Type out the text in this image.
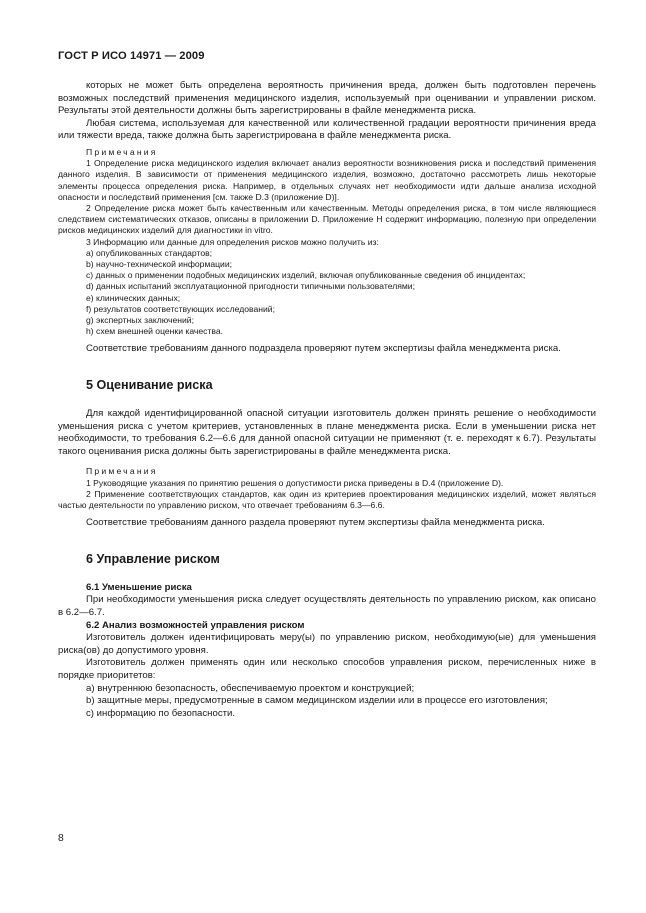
ГОСТ Р ИСО 14971 — 2009

которых не может быть определена вероятность причинения вреда, должен быть подготовлен перечень возможных последствий применения медицинского изделия, используемый при оценивании и управлении риском. Результаты этой деятельности должны быть зарегистрированы в файле менеджмента риска.

Любая система, используемая для качественной или количественной градации вероятности причинения вреда или тяжести вреда, также должна быть зарегистрирована в файле менеджмента риска.

Примечания

1 Определение риска медицинского изделия включает анализ вероятности возникновения риска и последствий применения данного изделия. В зависимости от применения медицинского изделия, возможно, достаточно рассмотреть лишь некоторые элементы процесса определения риска. Например, в отдельных случаях нет необходимости идти дальше анализа исходной опасности и последствий применения [см. также D.3 (приложение D)].

2 Определение риска может быть качественным или качественным. Методы определения риска, в том числе являющиеся следствием систематических отказов, описаны в приложении D. Приложение H содержит информацию, полезную при определении рисков медицинских изделий для диагностики in vitro.

3 Информацию или данные для определения рисков можно получить из:

a) опубликованных стандартов;

b) научно-технической информации;

c) данных о применении подобных медицинских изделий, включая опубликованные сведения об инцидентах;

d) данных испытаний эксплуатационной пригодности типичными пользователями;

e) клинических данных;

f) результатов соответствующих исследований;

g) экспертных заключений;

h) схем внешней оценки качества.

Соответствие требованиям данного подраздела проверяют путем экспертизы файла менеджмента риска.

5 Оценивание риска

Для каждой идентифицированной опасной ситуации изготовитель должен принять решение о необходимости уменьшения риска с учетом критериев, установленных в плане менеджмента риска. Если в уменьшении риска нет необходимости, то требования 6.2—6.6 для данной опасной ситуации не применяют (т. е. переходят к 6.7). Результаты такого оценивания риска должны быть зарегистрированы в файле менеджмента риска.

Примечания

1 Руководящие указания по принятию решения о допустимости риска приведены в D.4 (приложение D).

2 Применение соответствующих стандартов, как один из критериев проектирования медицинских изделий, может являться частью деятельности по управлению риском, что отвечает требованиям 6.3—6.6.

Соответствие требованиям данного раздела проверяют путем экспертизы файла менеджмента риска.

6 Управление риском

6.1 Уменьшение риска

При необходимости уменьшения риска следует осуществлять деятельность по управлению риском, как описано в 6.2—6.7.

6.2 Анализ возможностей управления риском

Изготовитель должен идентифицировать меру(ы) по управлению риском, необходимую(ые) для уменьшения риска(ов) до допустимого уровня.

Изготовитель должен применять один или несколько способов управления риском, перечисленных ниже в порядке приоритетов:

a) внутреннюю безопасность, обеспечиваемую проектом и конструкцией;

b) защитные меры, предусмотренные в самом медицинском изделии или в процессе его изготовления;

c) информацию по безопасности.

8
